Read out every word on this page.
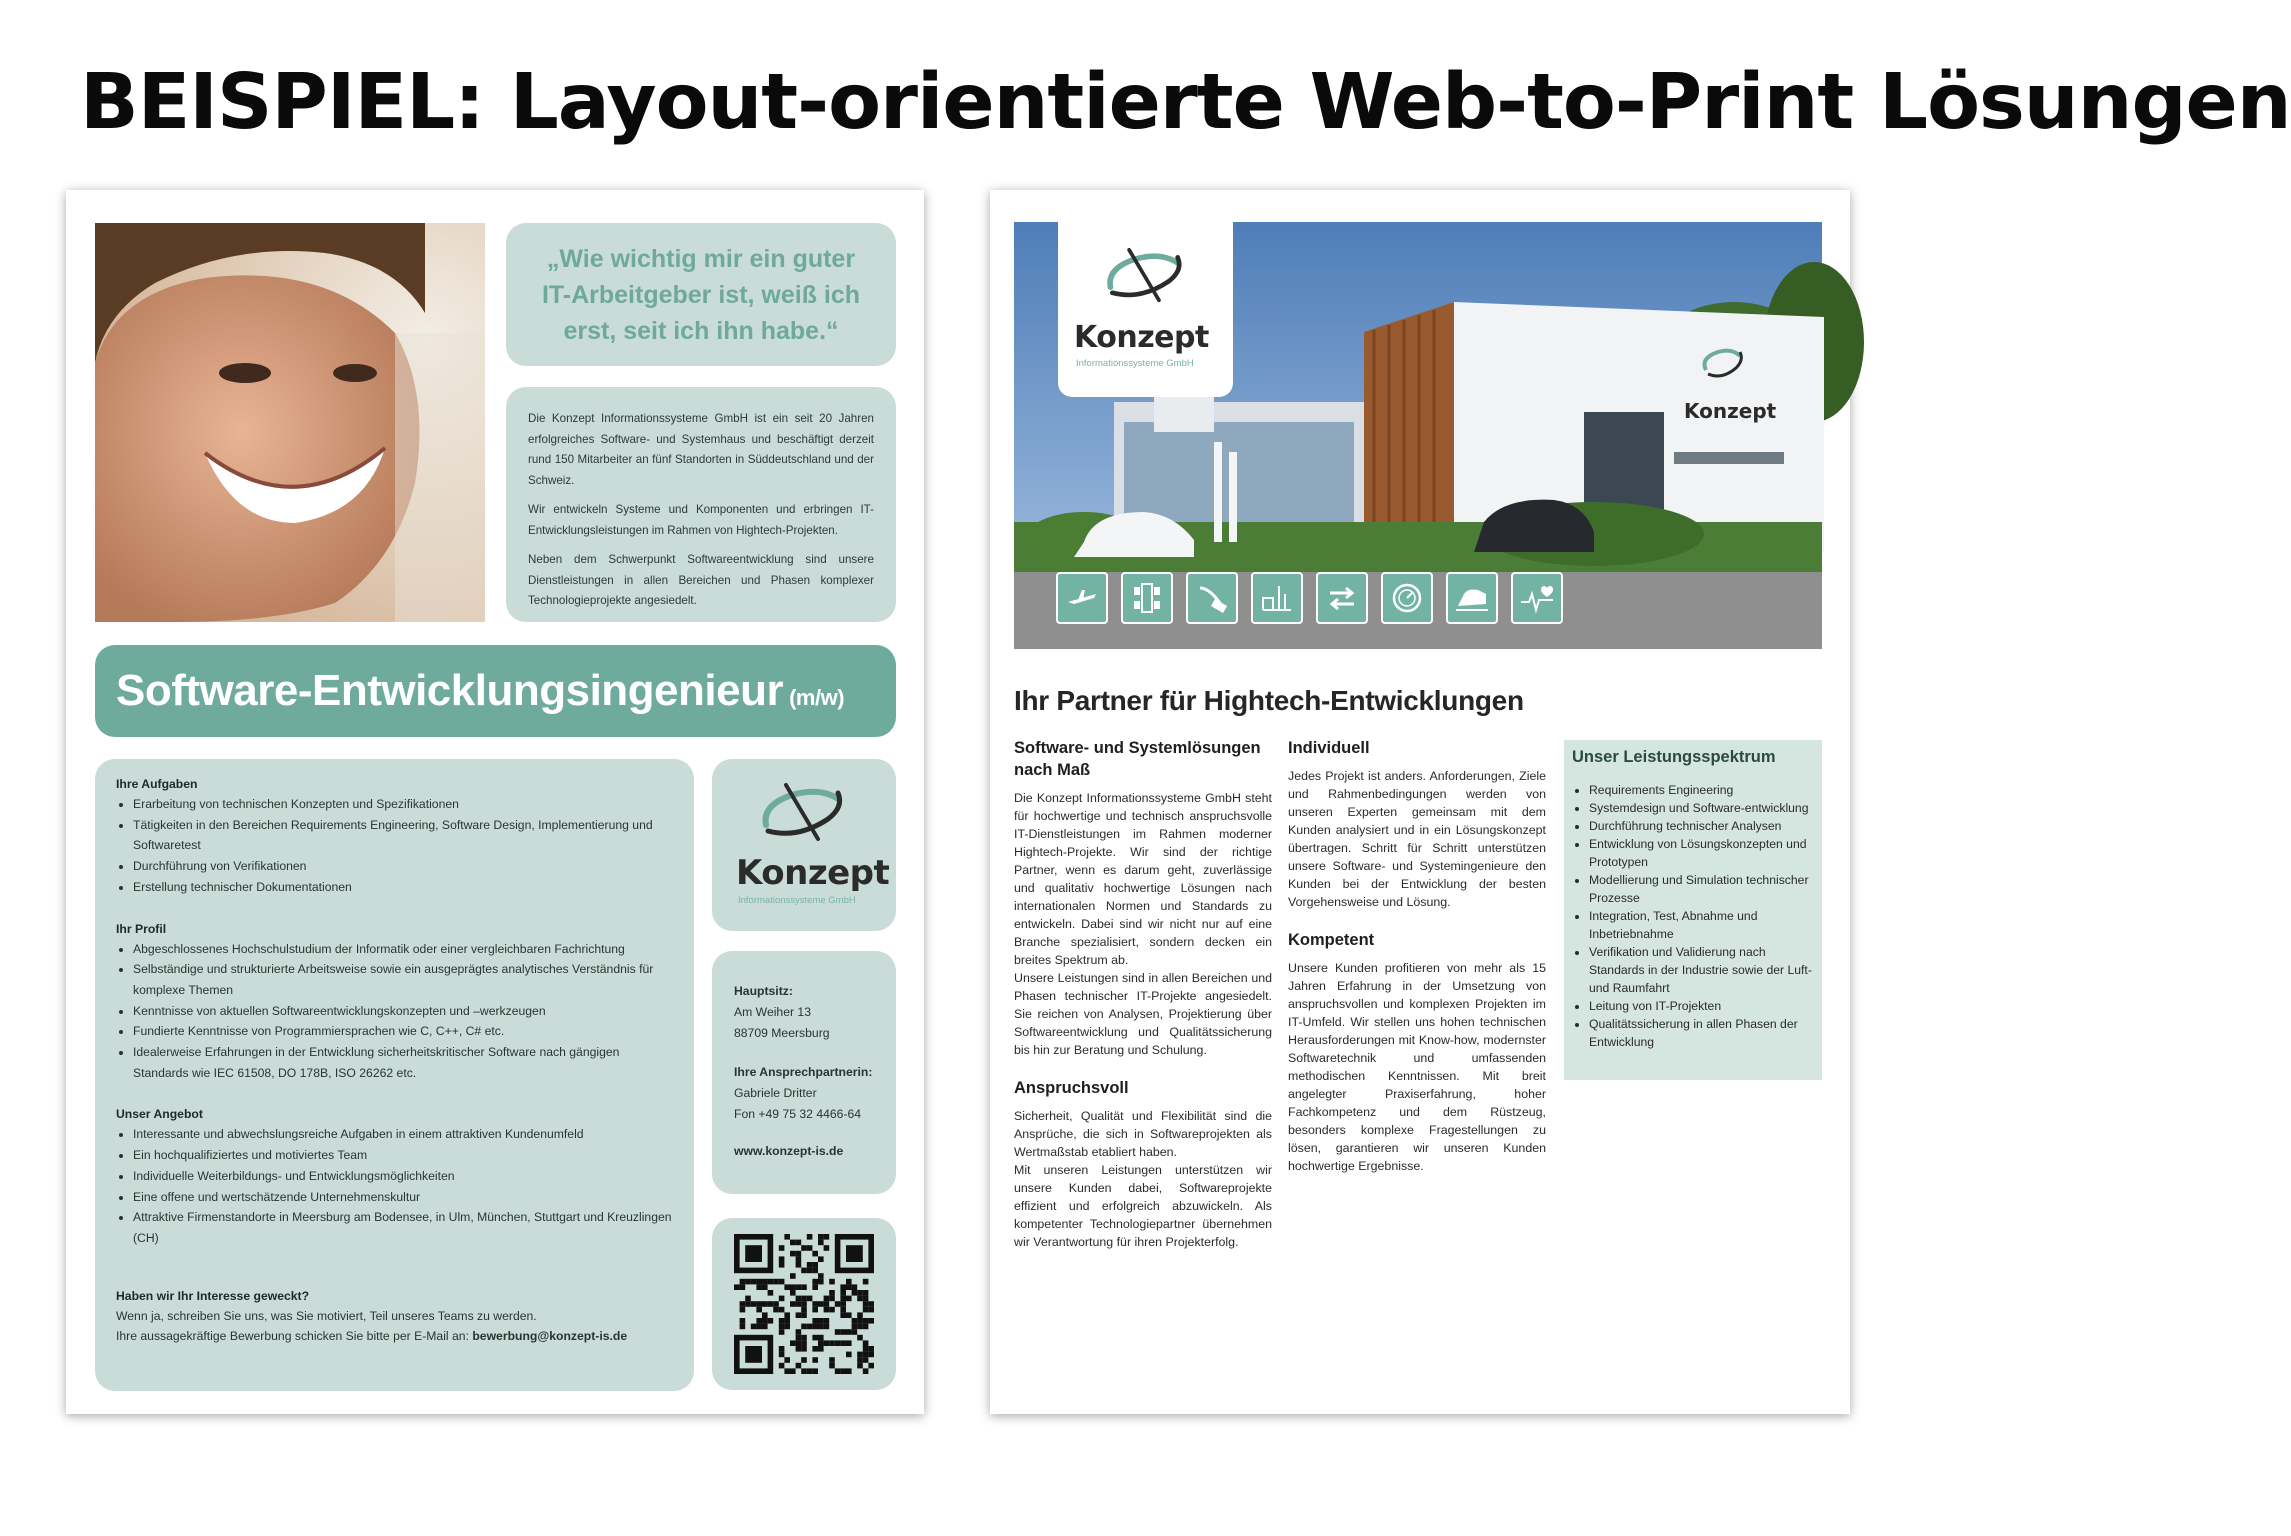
BEISPIEL: Layout-orientierte Web-to-Print Lösungen
„Wie wichtig mir ein guter IT-Arbeitgeber ist, weiß ich erst, seit ich ihn habe.“

Die Konzept Informationssysteme GmbH ist ein seit 20 Jahren erfolgreiches Software- und Systemhaus und beschäftigt derzeit rund 150 Mitarbeiter an fünf Standorten in Süddeutschland und der Schweiz.

Wir entwickeln Systeme und Komponenten und erbringen IT-Entwicklungsleistungen im Rahmen von Hightech-Projekten.

Neben dem Schwerpunkt Softwareentwicklung sind unsere Dienstleistungen in allen Bereichen und Phasen komplexer Technologieprojekte angesiedelt.

Software-Entwicklungsingenieur (m/w)
Ihre Aufgaben
• Erarbeitung von technischen Konzepten und Spezifikationen
• Tätigkeiten in den Bereichen Requirements Engineering, Software Design, Implementierung und Softwaretest
• Durchführung von Verifikationen
• Erstellung technischer Dokumentationen
Ihr Profil
• Abgeschlossenes Hochschulstudium der Informatik oder einer vergleichbaren Fachrichtung
• Selbständige und strukturierte Arbeitsweise sowie ein ausgeprägtes analytisches Verständnis für komplexe Themen
• Kenntnisse von aktuellen Softwareentwicklungskonzepten und –werkzeugen
• Fundierte Kenntnisse von Programmiersprachen wie C, C++, C# etc.
• Idealerweise Erfahrungen in der Entwicklung sicherheitskritischer Software nach gängigen Standards wie IEC 61508, DO 178B, ISO 26262 etc.
Unser Angebot
• Interessante und abwechslungsreiche Aufgaben in einem attraktiven Kundenumfeld
• Ein hochqualifiziertes und motiviertes Team
• Individuelle Weiterbildungs- und Entwicklungsmöglichkeiten
• Eine offene und wertschätzende Unternehmenskultur
• Attraktive Firmenstandorte in Meersburg am Bodensee, in Ulm, München, Stuttgart und Kreuzlingen (CH)
Haben wir Ihr Interesse geweckt?

Wenn ja, schreiben Sie uns, was Sie motiviert, Teil unseres Teams zu werden.

Ihre aussagekräftige Bewerbung schicken Sie bitte per E-Mail an: bewerbung@konzept-is.de

Konzept
Informationssysteme GmbH

Hauptsitz:

Am Weiher 13

88709 Meersburg

Ihre Ansprechpartnerin:

Gabriele Dritter

Fon +49 75 32 4466-64

www.konzept-is.de

Konzept
Konzept
Informationssysteme GmbH
Ihr Partner für Hightech-Entwicklungen
Software- und Systemlösungen nach Maß

Die Konzept Informationssysteme GmbH steht für hochwertige und technisch anspruchsvolle IT-Dienstleistungen im Rahmen moderner Hightech-Projekte. Wir sind der richtige Partner, wenn es darum geht, zuverlässige und qualitativ hochwertige Lösungen nach internationalen Normen und Standards zu entwickeln. Dabei sind wir nicht nur auf eine Branche spezialisiert, sondern decken ein breites Spektrum ab.

Unsere Leistungen sind in allen Bereichen und Phasen technischer IT-Projekte angesiedelt. Sie reichen von Analysen, Projektierung über Softwareentwicklung und Qualitätssicherung bis hin zur Beratung und Schulung.

Anspruchsvoll

Sicherheit, Qualität und Flexibilität sind die Ansprüche, die sich in Softwareprojekten als Wertmaßstab etabliert haben.

Mit unseren Leistungen unterstützen wir unsere Kunden dabei, Softwareprojekte effizient und erfolgreich abzuwickeln. Als kompetenter Technologiepartner übernehmen wir Verantwortung für ihren Projekterfolg.

Individuell

Jedes Projekt ist anders. Anforderungen, Ziele und Rahmenbedingungen werden von unseren Experten gemeinsam mit dem Kunden analysiert und in ein Lösungskonzept übertragen. Schritt für Schritt unterstützen unsere Software- und Systemingenieure den Kunden bei der Entwicklung der besten Vorgehensweise und Lösung.

Kompetent

Unsere Kunden profitieren von mehr als 15 Jahren Erfahrung in der Umsetzung von anspruchsvollen und komplexen Projekten im IT-Umfeld. Wir stellen uns hohen technischen Herausforderungen mit Know-how, modernster Softwaretechnik und umfassenden methodischen Kenntnissen. Mit breit angelegter Praxiserfahrung, hoher Fachkompetenz und dem Rüstzeug, besonders komplexe Fragestellungen zu lösen, garantieren wir unseren Kunden hochwertige Ergebnisse.

Unser Leistungsspektrum
• Requirements Engineering
• Systemdesign und Software-entwicklung
• Durchführung technischer Analysen
• Entwicklung von Lösungskonzepten und Prototypen
• Modellierung und Simulation technischer Prozesse
• Integration, Test, Abnahme und Inbetriebnahme
• Verifikation und Validierung nach Standards in der Industrie sowie der Luft- und Raumfahrt
• Leitung von IT-Projekten
• Qualitätssicherung in allen Phasen der Entwicklung
